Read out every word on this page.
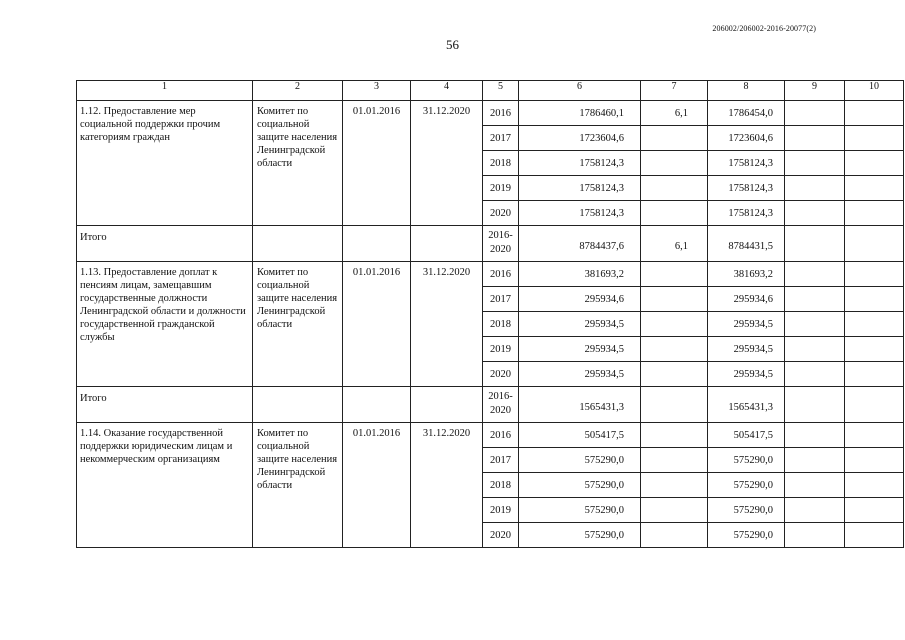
206002/206002-2016-20077(2)
56
1	2	3	4	5	6	7	8	9	10
1.12. Предоставление мер социальной поддержки прочим категориям граждан	Комитет по социальной защите населения Ленинградской области	01.01.2016	31.12.2020	2016	1786460,1	6,1	1786454,0		
				2017	1723604,6		1723604,6		
				2018	1758124,3		1758124,3		
				2019	1758124,3		1758124,3		
				2020	1758124,3		1758124,3		
Итого				2016-2020	8784437,6	6,1	8784431,5		
1.13. Предоставление доплат к пенсиям лицам, замещавшим государственные должности Ленинградской области и должности государственной гражданской службы	Комитет по социальной защите населения Ленинградской области	01.01.2016	31.12.2020	2016	381693,2		381693,2		
				2017	295934,6		295934,6		
				2018	295934,5		295934,5		
				2019	295934,5		295934,5		
				2020	295934,5		295934,5		
Итого				2016-2020	1565431,3		1565431,3		
1.14. Оказание государственной поддержки юридическим лицам и некоммерческим организациям	Комитет по социальной защите населения Ленинградской области	01.01.2016	31.12.2020	2016	505417,5		505417,5		
				2017	575290,0		575290,0		
				2018	575290,0		575290,0		
				2019	575290,0		575290,0		
				2020	575290,0		575290,0		
